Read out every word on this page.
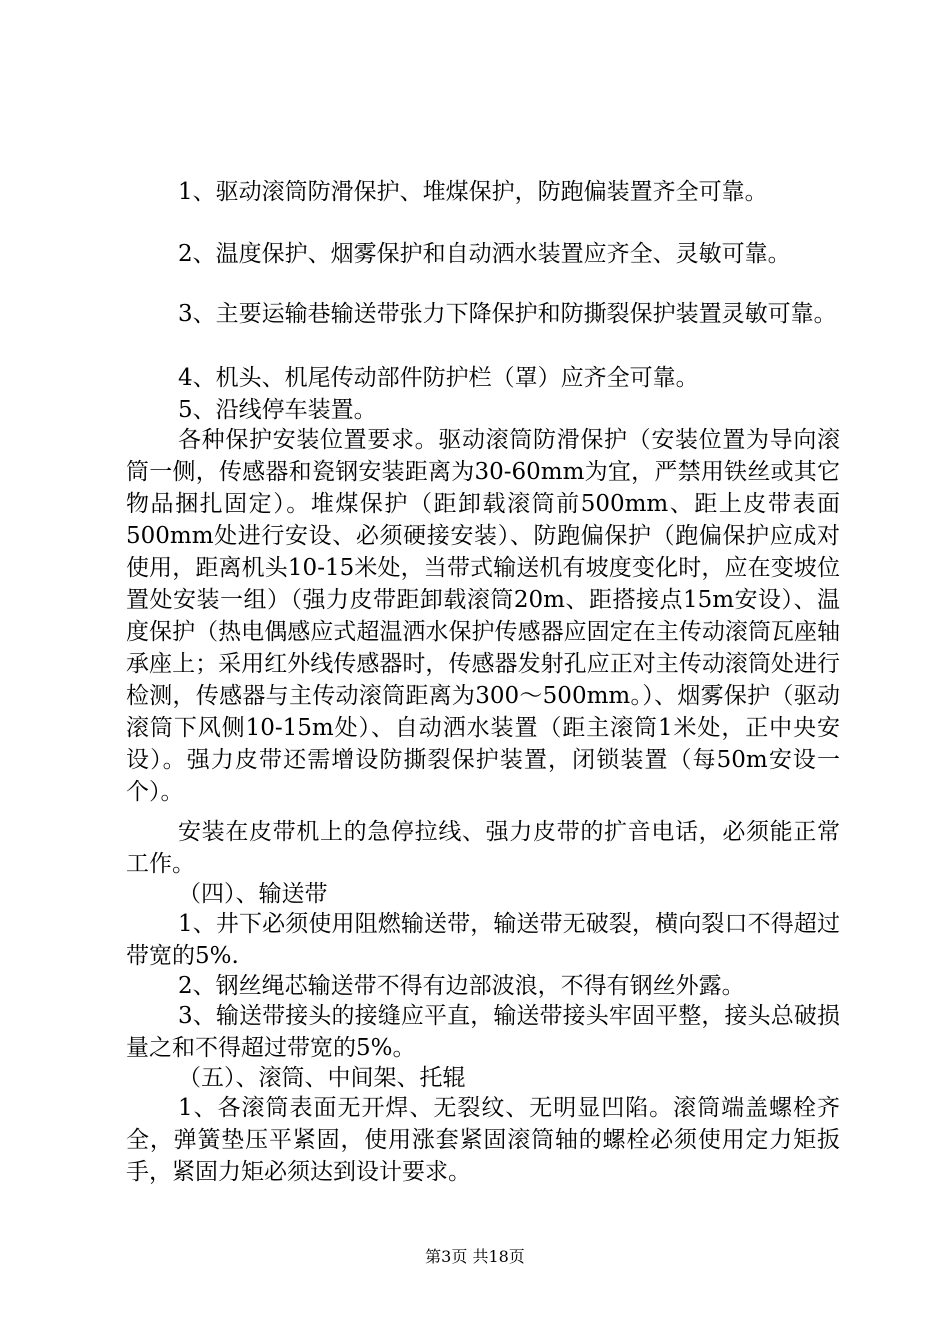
1、驱动滚筒防滑保护、堆煤保护，防跑偏装置齐全可靠。

2、温度保护、烟雾保护和自动洒水装置应齐全、灵敏可靠。

3、主要运输巷输送带张力下降保护和防撕裂保护装置灵敏可靠。

4、机头、机尾传动部件防护栏（罩）应齐全可靠。

5、沿线停车装置。

各种保护安装位置要求。驱动滚筒防滑保护（安装位置为导向滚筒一侧，传感器和瓷钢安装距离为30-60mm为宜，严禁用铁丝或其它物品捆扎固定）。堆煤保护（距卸载滚筒前500mm、距上皮带表面500mm处进行安设、必须硬接安装）、防跑偏保护（跑偏保护应成对使用，距离机头10-15米处，当带式输送机有坡度变化时，应在变坡位置处安装一组）（强力皮带距卸载滚筒20m、距搭接点15m安设）、温度保护（热电偶感应式超温洒水保护传感器应固定在主传动滚筒瓦座轴承座上；采用红外线传感器时，传感器发射孔应正对主传动滚筒处进行检测，传感器与主传动滚筒距离为300～500mm。）、烟雾保护（驱动滚筒下风侧10-15m处）、自动洒水装置（距主滚筒1米处，正中央安设）。强力皮带还需增设防撕裂保护装置，闭锁装置（每50m安设一个）。

安装在皮带机上的急停拉线、强力皮带的扩音电话，必须能正常工作。

（四）、输送带

1、井下必须使用阻燃输送带，输送带无破裂，横向裂口不得超过带宽的5%.

2、钢丝绳芯输送带不得有边部波浪，不得有钢丝外露。

3、输送带接头的接缝应平直，输送带接头牢固平整，接头总破损量之和不得超过带宽的5%。

（五）、滚筒、中间架、托辊

1、各滚筒表面无开焊、无裂纹、无明显凹陷。滚筒端盖螺栓齐全，弹簧垫压平紧固，使用涨套紧固滚筒轴的螺栓必须使用定力矩扳手，紧固力矩必须达到设计要求。

第3页 共18页
